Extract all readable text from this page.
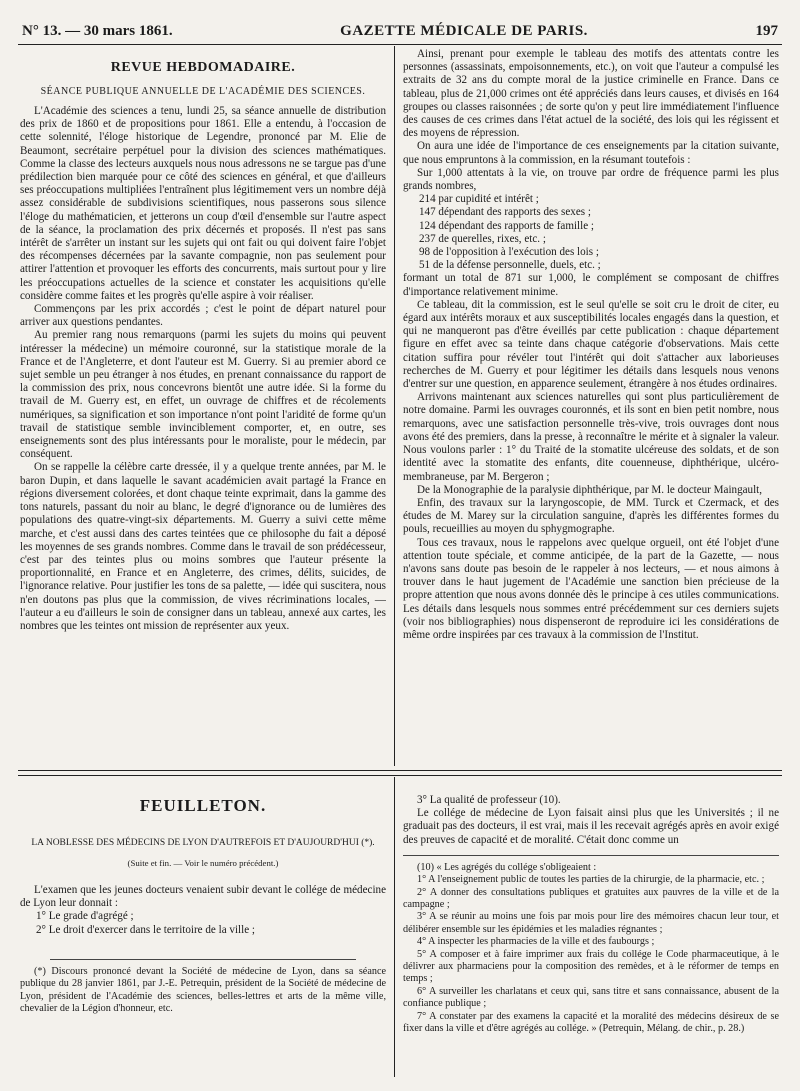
N° 13. — 30 mars 1861.	GAZETTE MÉDICALE DE PARIS.	197
REVUE HEBDOMADAIRE.
SÉANCE PUBLIQUE ANNUELLE DE L'ACADÉMIE DES SCIENCES.

L'Académie des sciences a tenu, lundi 25, sa séance annuelle de distribution des prix de 1860 et de propositions pour 1861. Elle a entendu, à l'occasion de cette solennité, l'éloge historique de Legendre, prononcé par M. Elie de Beaumont, secrétaire perpétuel pour la division des sciences mathématiques. Comme la classe des lecteurs auxquels nous nous adressons ne se targue pas d'une prédilection bien marquée pour ce côté des sciences en général, et que d'ailleurs ses préoccupations multipliées l'entraînent plus légitimement vers un nombre déjà assez considérable de subdivisions scientifiques, nous passerons sous silence l'éloge du mathématicien, et jetterons un coup d'œil d'ensemble sur l'autre aspect de la séance, la proclamation des prix décernés et proposés. Il n'est pas sans intérêt de s'arrêter un instant sur les sujets qui ont fait ou qui doivent faire l'objet des récompenses décernées par la savante compagnie, non pas seulement pour attirer l'attention et provoquer les efforts des concurrents, mais surtout pour y lire les préoccupations actuelles de la science et constater les acquisitions qu'elle considère comme faites et les progrès qu'elle aspire à voir réaliser.

Commençons par les prix accordés ; c'est le point de départ naturel pour arriver aux questions pendantes.

Au premier rang nous remarquons (parmi les sujets du moins qui peuvent intéresser la médecine) un mémoire couronné, sur la statistique morale de la France et de l'Angleterre, et dont l'auteur est M. Guerry. Si au premier abord ce sujet semble un peu étranger à nos études, en prenant connaissance du rapport de la commission des prix, nous concevrons bientôt une autre idée. Si la forme du travail de M. Guerry est, en effet, un ouvrage de chiffres et de récolements numériques, sa signification et son importance n'ont point l'aridité de forme qu'un travail de statistique semble invinciblement comporter, et, en outre, ses enseignements sont des plus intéressants pour le moraliste, pour le médecin, par conséquent.

On se rappelle la célèbre carte dressée, il y a quelque trente années, par M. le baron Dupin, et dans laquelle le savant académicien avait partagé la France en régions diversement colorées, et dont chaque teinte exprimait, dans la gamme des tons naturels, passant du noir au blanc, le degré d'ignorance ou de lumières des populations des quatre-vingt-six départements. M. Guerry a suivi cette même marche, et c'est aussi dans des cartes teintées que ce philosophe du fait a déposé les moyennes de ses grands nombres. Comme dans le travail de son prédécesseur, c'est par des teintes plus ou moins sombres que l'auteur présente la proportionnalité, en France et en Angleterre, des crimes, délits, suicides, de l'ignorance relative. Pour justifier les tons de sa palette, — idée qui suscitera, nous n'en doutons pas plus que la commission, de vives récriminations locales, —l'auteur a eu d'ailleurs le soin de consigner dans un tableau, annexé aux cartes, les nombres que les teintes ont mission de représenter aux yeux.

Ainsi, prenant pour exemple le tableau des motifs des attentats contre les personnes (assassinats, empoisonnements, etc.), on voit que l'auteur a compulsé les extraits de 32 ans du compte moral de la justice criminelle en France. Dans ce tableau, plus de 21,000 crimes ont été appréciés dans leurs causes, et divisés en 164 groupes ou classes raisonnées ; de sorte qu'on y peut lire immédiatement l'influence des causes de ces crimes dans l'état actuel de la société, des lois qui les régissent et des moyens de répression.

On aura une idée de l'importance de ces enseignements par la citation suivante, que nous empruntons à la commission, en la résumant toutefois :

Sur 1,000 attentats à la vie, on trouve par ordre de fréquence parmi les plus grands nombres,

214 par cupidité et intérêt ;
147 dépendant des rapports des sexes ;
124 dépendant des rapports de famille ;
237 de querelles, rixes, etc. ;
98 de l'opposition à l'exécution des lois ;
51 de la défense personnelle, duels, etc. ;

formant un total de 871 sur 1,000, le complément se composant de chiffres d'importance relativement minime.

Ce tableau, dit la commission, est le seul qu'elle se soit cru le droit de citer, eu égard aux intérêts moraux et aux susceptibilités locales engagés dans la question, et qui ne manqueront pas d'être éveillés par cette publication : chaque département figure en effet avec sa teinte dans chaque catégorie d'observations. Mais cette citation suffira pour révéler tout l'intérêt qui doit s'attacher aux laborieuses recherches de M. Guerry et pour légitimer les détails dans lesquels nous venons d'entrer sur une question, en apparence seulement, étrangère à nos études ordinaires.

Arrivons maintenant aux sciences naturelles qui sont plus particulièrement de notre domaine. Parmi les ouvrages couronnés, et ils sont en bien petit nombre, nous remarquons, avec une satisfaction personnelle très-vive, trois ouvrages dont nous avons été des premiers, dans la presse, à reconnaître le mérite et à signaler la valeur. Nous voulons parler : 1° du Traité de la stomatite ulcéreuse des soldats, et de son identité avec la stomatite des enfants, dite couenneuse, diphthérique, ulcéro-membraneuse, par M. Bergeron ;

De la Monographie de la paralysie diphthérique, par M. le docteur Maingault,

Enfin, des travaux sur la laryngoscopie, de MM. Turck et Czermack, et des études de M. Marey sur la circulation sanguine, d'après les différentes formes du pouls, recueillies au moyen du sphygmographe.

Tous ces travaux, nous le rappelons avec quelque orgueil, ont été l'objet d'une attention toute spéciale, et comme anticipée, de la part de la Gazette, — nous n'avons sans doute pas besoin de le rappeler à nos lecteurs, — et nous aimons à trouver dans le haut jugement de l'Académie une sanction bien précieuse de la propre attention que nous avons donnée dès le principe à ces utiles communications. Les détails dans lesquels nous sommes entré précédemment sur ces derniers sujets (voir nos bibliographies) nous dispenseront de reproduire ici les considérations de même ordre inspirées par ces travaux à la commission de l'Institut.

FEUILLETON.
LA NOBLESSE DES MÉDECINS DE LYON D'AUTREFOIS ET D'AUJOURD'HUI (*).
(Suite et fin. — Voir le numéro précédent.)

L'examen que les jeunes docteurs venaient subir devant le collége de médecine de Lyon leur donnait :

1° Le grade d'agrégé ;
2° Le droit d'exercer dans le territoire de la ville ;

(*) Discours prononcé devant la Société de médecine de Lyon, dans sa séance publique du 28 janvier 1861, par J.-E. Petrequin, président de la Société de médecine de Lyon, président de l'Académie des sciences, belles-lettres et arts de la même ville, chevalier de la Légion d'honneur, etc.

3° La qualité de professeur (10).

Le collége de médecine de Lyon faisait ainsi plus que les Universités ; il ne graduait pas des docteurs, il est vrai, mais il les recevait agrégés après en avoir exigé des preuves de capacité et de moralité. C'était donc comme un

(10) « Les agrégés du collége s'obligeaient :

1° A l'enseignement public de toutes les parties de la chirurgie, de la pharmacie, etc. ;

2° A donner des consultations publiques et gratuites aux pauvres de la ville et de la campagne ;

3° A se réunir au moins une fois par mois pour lire des mémoires chacun leur tour, et délibérer ensemble sur les épidémies et les maladies régnantes ;

4° A inspecter les pharmacies de la ville et des faubourgs ;

5° A composer et à faire imprimer aux frais du collége le Code pharmaceutique, à le délivrer aux pharmaciens pour la composition des remèdes, et à le réformer de temps en temps ;

6° A surveiller les charlatans et ceux qui, sans titre et sans connaissance, abusent de la confiance publique ;

7° A constater par des examens la capacité et la moralité des médecins désireux de se fixer dans la ville et d'être agrégés au collége. » (Petrequin, Mélang. de chir., p. 28.)
